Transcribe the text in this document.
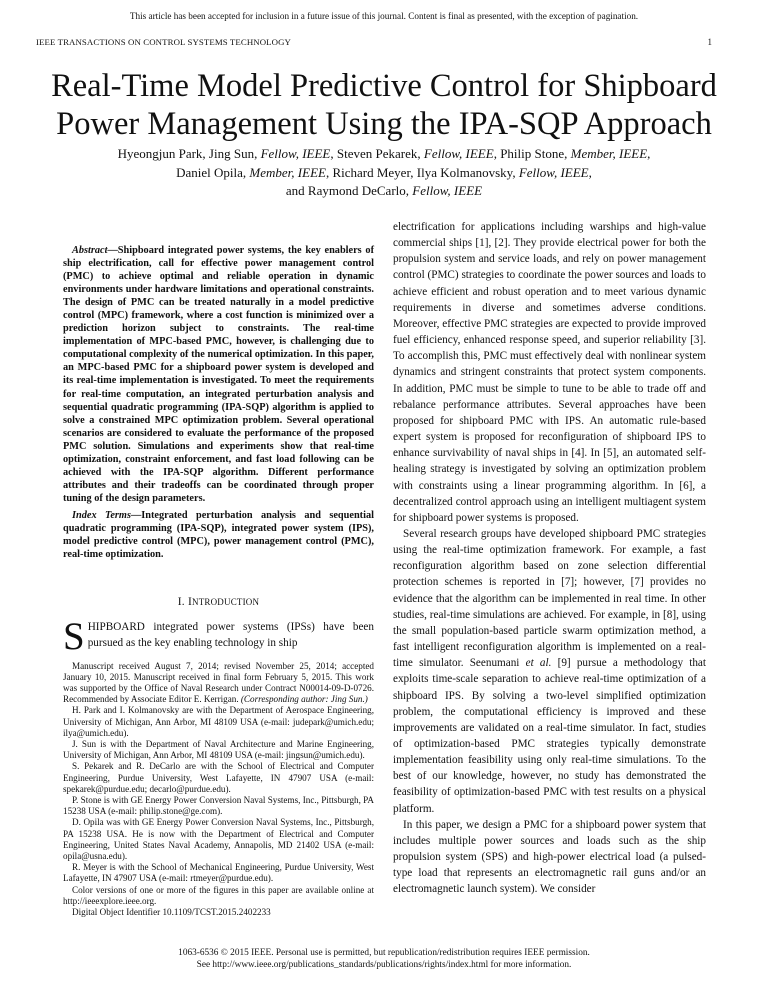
This article has been accepted for inclusion in a future issue of this journal. Content is final as presented, with the exception of pagination.
IEEE TRANSACTIONS ON CONTROL SYSTEMS TECHNOLOGY	1
Real-Time Model Predictive Control for Shipboard Power Management Using the IPA-SQP Approach
Hyeongjun Park, Jing Sun, Fellow, IEEE, Steven Pekarek, Fellow, IEEE, Philip Stone, Member, IEEE,
Daniel Opila, Member, IEEE, Richard Meyer, Ilya Kolmanovsky, Fellow, IEEE,
and Raymond DeCarlo, Fellow, IEEE

Abstract—Shipboard integrated power systems, the key enablers of ship electrification, call for effective power management control (PMC) to achieve optimal and reliable operation in dynamic environments under hardware limitations and operational constraints. The design of PMC can be treated naturally in a model predictive control (MPC) framework, where a cost function is minimized over a prediction horizon subject to constraints. The real-time implementation of MPC-based PMC, however, is challenging due to computational complexity of the numerical optimization. In this paper, an MPC-based PMC for a shipboard power system is developed and its real-time implementation is investigated. To meet the requirements for real-time computation, an integrated perturbation analysis and sequential quadratic programming (IPA-SQP) algorithm is applied to solve a constrained MPC optimization problem. Several operational scenarios are considered to evaluate the performance of the proposed PMC solution. Simulations and experiments show that real-time optimization, constraint enforcement, and fast load following can be achieved with the IPA-SQP algorithm. Different performance attributes and their tradeoffs can be coordinated through proper tuning of the design parameters.

Index Terms—Integrated perturbation analysis and sequential quadratic programming (IPA-SQP), integrated power system (IPS), model predictive control (MPC), power management control (PMC), real-time optimization.

I. INTRODUCTION

SHIPBOARD integrated power systems (IPSs) have been pursued as the key enabling technology in ship

Manuscript received August 7, 2014; revised November 25, 2014; accepted January 10, 2015. Manuscript received in final form February 5, 2015. This work was supported by the Office of Naval Research under Contract N00014-09-D-0726. Recommended by Associate Editor E. Kerrigan. (Corresponding author: Jing Sun.)

H. Park and I. Kolmanovsky are with the Department of Aerospace Engineering, University of Michigan, Ann Arbor, MI 48109 USA (e-mail: judepark@umich.edu; ilya@umich.edu).

J. Sun is with the Department of Naval Architecture and Marine Engineering, University of Michigan, Ann Arbor, MI 48109 USA (e-mail: jingsun@umich.edu).

S. Pekarek and R. DeCarlo are with the School of Electrical and Computer Engineering, Purdue University, West Lafayette, IN 47907 USA (e-mail: spekarek@purdue.edu; decarlo@purdue.edu).

P. Stone is with GE Energy Power Conversion Naval Systems, Inc., Pittsburgh, PA 15238 USA (e-mail: philip.stone@ge.com).

D. Opila was with GE Energy Power Conversion Naval Systems, Inc., Pittsburgh, PA 15238 USA. He is now with the Department of Electrical and Computer Engineering, United States Naval Academy, Annapolis, MD 21402 USA (e-mail: opila@usna.edu).

R. Meyer is with the School of Mechanical Engineering, Purdue University, West Lafayette, IN 47907 USA (e-mail: rtmeyer@purdue.edu).

Color versions of one or more of the figures in this paper are available online at http://ieeexplore.ieee.org.

Digital Object Identifier 10.1109/TCST.2015.2402233

electrification for applications including warships and high-value commercial ships [1], [2]. They provide electrical power for both the propulsion system and service loads, and rely on power management control (PMC) strategies to coordinate the power sources and loads to achieve efficient and robust operation and to meet various dynamic requirements in diverse and sometimes adverse conditions. Moreover, effective PMC strategies are expected to provide improved fuel efficiency, enhanced response speed, and superior reliability [3]. To accomplish this, PMC must effectively deal with nonlinear system dynamics and stringent constraints that protect system components. In addition, PMC must be simple to tune to be able to trade off and rebalance performance attributes. Several approaches have been proposed for shipboard PMC with IPS. An automatic rule-based expert system is proposed for reconfiguration of shipboard IPS to enhance survivability of naval ships in [4]. In [5], an automated self-healing strategy is investigated by solving an optimization problem with constraints using a linear programming algorithm. In [6], a decentralized control approach using an intelligent multiagent system for shipboard power systems is proposed.

Several research groups have developed shipboard PMC strategies using the real-time optimization framework. For example, a fast reconfiguration algorithm based on zone selection differential protection schemes is reported in [7]; however, [7] provides no evidence that the algorithm can be implemented in real time. In other studies, real-time simulations are achieved. For example, in [8], using the small population-based particle swarm optimization method, a fast intelligent reconfiguration algorithm is implemented on a real-time simulator. Seenumani et al. [9] pursue a methodology that exploits time-scale separation to achieve real-time optimization of a shipboard IPS. By solving a two-level simplified optimization problem, the computational efficiency is improved and these improvements are validated on a real-time simulator. In fact, studies of optimization-based PMC strategies typically demonstrate implementation feasibility using only real-time simulations. To the best of our knowledge, however, no study has demonstrated the feasibility of optimization-based PMC with test results on a physical platform.

In this paper, we design a PMC for a shipboard power system that includes multiple power sources and loads such as the ship propulsion system (SPS) and high-power electrical load (a pulsed-type load that represents an electromagnetic rail guns and/or an electromagnetic launch system). We consider

1063-6536 © 2015 IEEE. Personal use is permitted, but republication/redistribution requires IEEE permission.
See http://www.ieee.org/publications_standards/publications/rights/index.html for more information.
